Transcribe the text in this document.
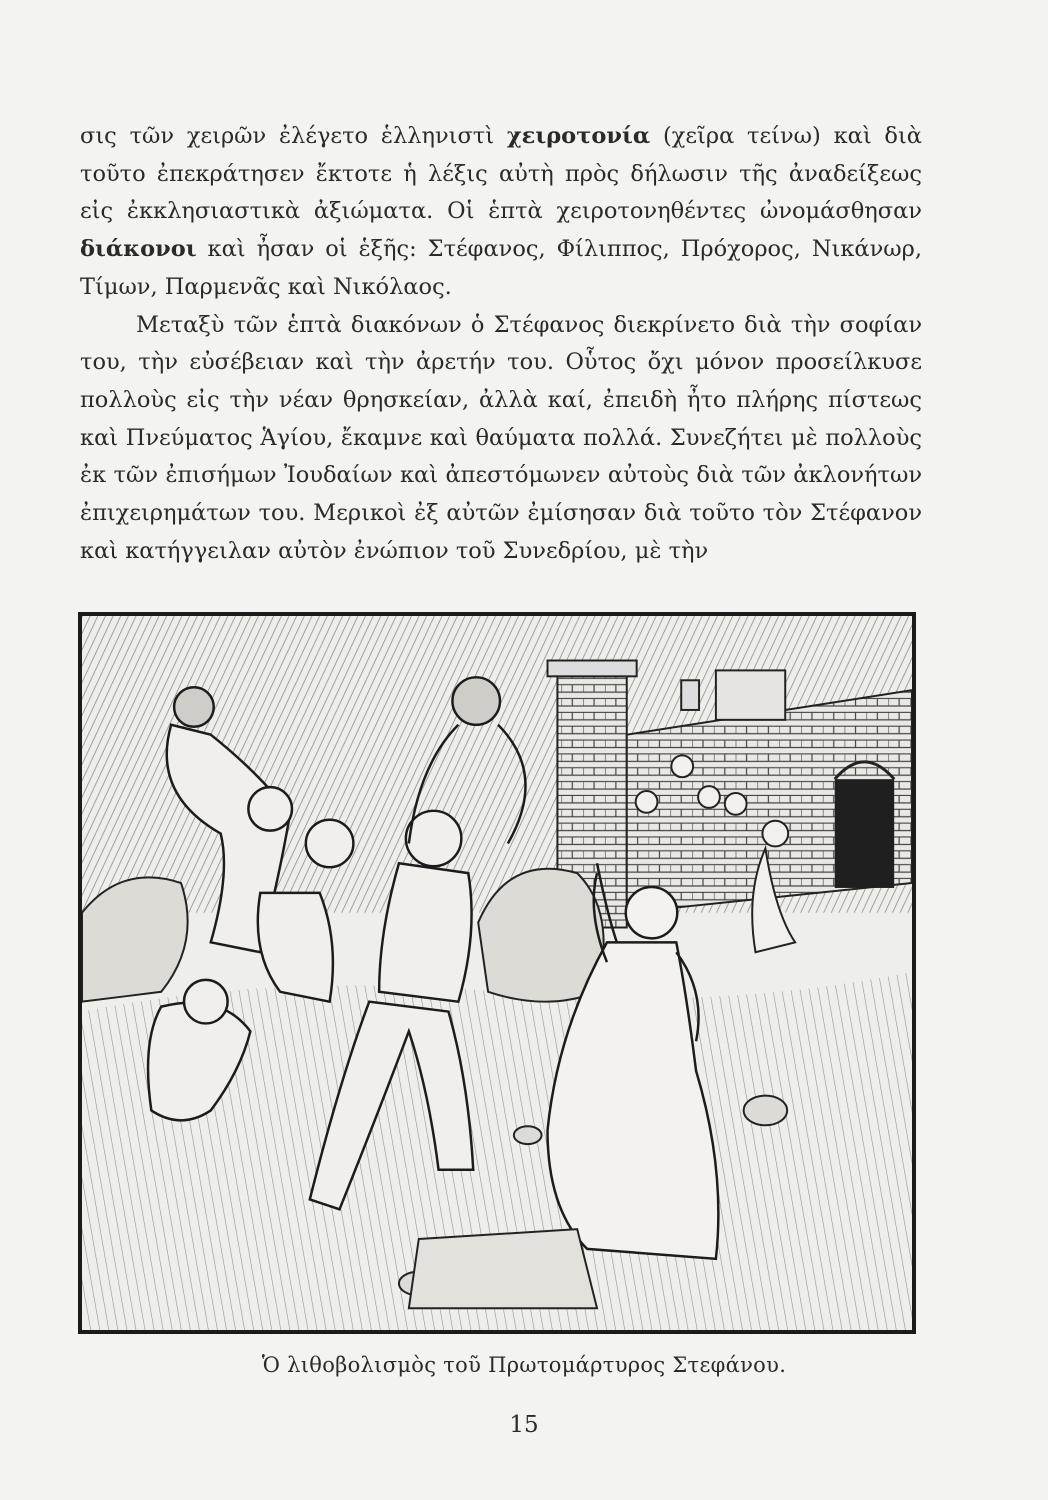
σις τῶν χειρῶν ἐλέγετο ἑλληνιστὶ χειροτονία (χεῖρα τείνω) καὶ διὰ τοῦτο ἐπεκράτησεν ἔκτοτε ἡ λέξις αὐτὴ πρὸς δήλωσιν τῆς ἀναδείξεως εἰς ἐκκλησιαστικὰ ἀξιώματα. Οἱ ἑπτὰ χειροτονηθέντες ὠνομάσθησαν διάκονοι καὶ ἦσαν οἱ ἑξῆς: Στέφανος, Φίλιππος, Πρόχορος, Νικάνωρ, Τίμων, Παρμενᾶς καὶ Νικόλαος.

Μεταξὺ τῶν ἑπτὰ διακόνων ὁ Στέφανος διεκρίνετο διὰ τὴν σοφίαν του, τὴν εὐσέβειαν καὶ τὴν ἀρετήν του. Οὗτος ὄχι μόνον προσείλκυσε πολλοὺς εἰς τὴν νέαν θρησκείαν, ἀλλὰ καί, ἐπειδὴ ἦτο πλήρης πίστεως καὶ Πνεύματος Ἁγίου, ἔκαμνε καὶ θαύματα πολλά. Συνεζήτει μὲ πολλοὺς ἐκ τῶν ἐπισήμων Ἰουδαίων καὶ ἀπεστόμωνεν αὐτοὺς διὰ τῶν ἀκλονήτων ἐπιχειρημάτων του. Μερικοὶ ἐξ αὐτῶν ἐμίσησαν διὰ τοῦτο τὸν Στέφανον καὶ κατήγγειλαν αὐτὸν ἐνώπιον τοῦ Συνεδρίου, μὲ τὴν

Ὁ λιθοβολισμὸς τοῦ Πρωτομάρτυρος Στεφάνου.
15
